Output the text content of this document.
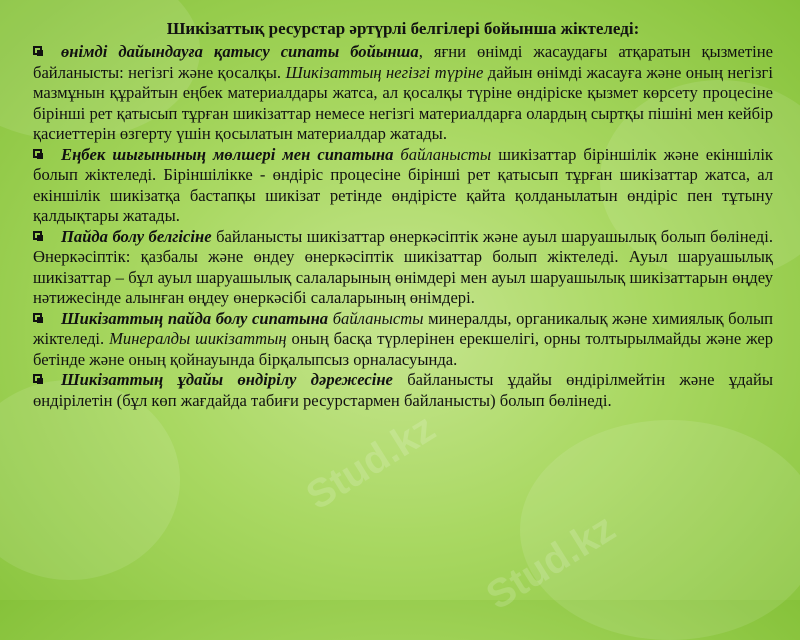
Stud.kz
Stud.kz

Шикізаттық ресурстар әртүрлі белгілері бойынша жіктеледі:

өнімді дайындауға қатысу сипаты бойынша, яғни өнімді жасаудағы атқаратын қызметіне байланысты: негізгі және қосалқы. Шикізаттың негізгі түріне дайын өнімді жасауға және оның негізгі мазмұнын құрайтын еңбек материалдары жатса, ал қосалқы түріне өндіріске қызмет көрсету процесіне бірінші рет қатысып тұрған шикізаттар немесе негізгі материалдарға олардың сыртқы пішіні мен кейбір қасиеттерін өзгерту үшін қосылатын материалдар жатады.

Еңбек шығынының мөлшері мен сипатына байланысты шикізаттар біріншілік және екіншілік болып жіктеледі. Біріншілікке - өндіріс процесіне бірінші рет қатысып тұрған шикізаттар жатса, ал екіншілік шикізатқа бастапқы шикізат ретінде өндірісте қайта қолданылатын өндіріс пен тұтыну қалдықтары жатады.

Пайда болу белгісіне байланысты шикізаттар өнеркәсіптік және ауыл шаруашылық болып бөлінеді. Өнеркәсіптік: қазбалы және өндеу өнеркәсіптік шикізаттар болып жіктеледі. Ауыл шаруашылық шикізаттар – бұл ауыл шаруашылық салаларының өнімдері мен ауыл шаруашылық шикізаттарын өңдеу нәтижесінде алынған өңдеу өнеркәсібі салаларының өнімдері.

Шикізаттың пайда болу сипатына байланысты минералды, органикалық және химиялық болып жіктеледі. Минералды шикізаттың оның басқа түрлерінен ерекшелігі, орны толтырылмайды және жер бетінде және оның қойнауында бірқалыпсыз орналасуында.

Шикізаттың ұдайы өндірілу дәрежесіне байланысты ұдайы өндірілмейтін және ұдайы өндірілетін (бұл көп жағдайда табиғи ресурстармен байланысты) болып бөлінеді.
